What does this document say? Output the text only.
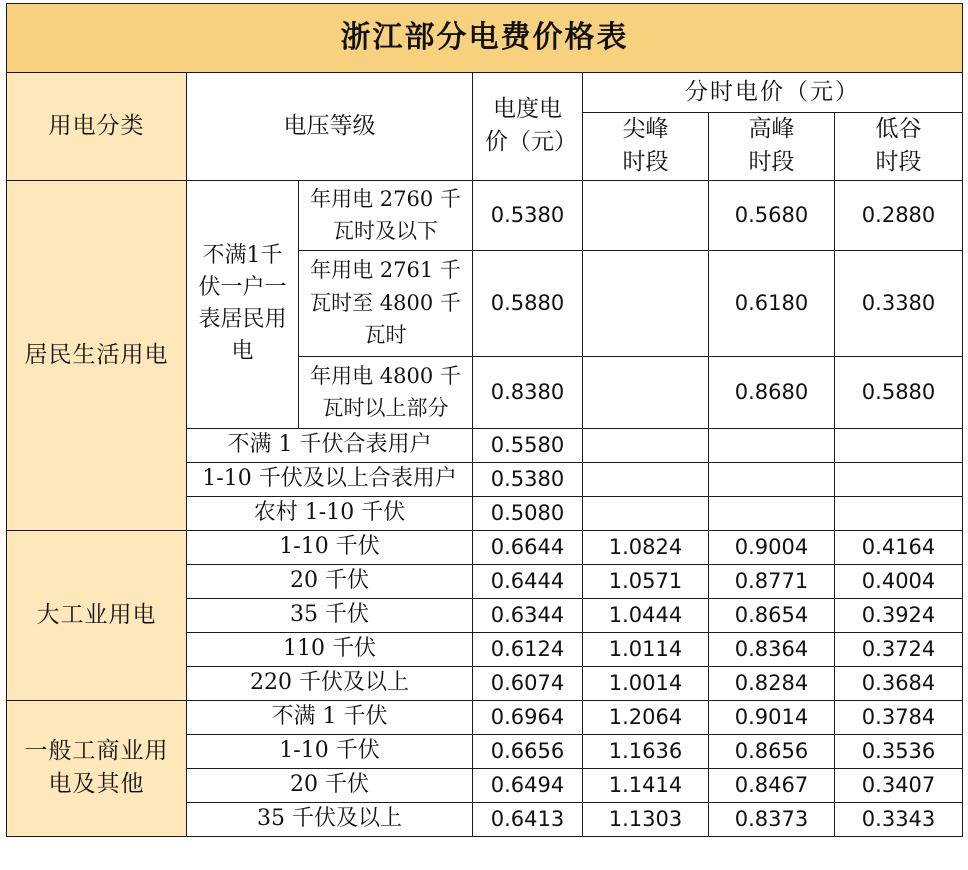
浙江部分电费价格表						
用电分类	电压等级		电度电价（元）	分时电价（元）		
				尖峰时段	高峰时段	低谷时段
居民生活用电	不满1千伏一户一表居民用电	年用电 2760 千瓦时及以下	0.5380		0.5680	0.2880
		年用电 2761 千瓦时至 4800 千瓦时	0.5880		0.6180	0.3380
		年用电 4800 千瓦时以上部分	0.8380		0.8680	0.5880
	不满 1 千伏合表用户		0.5580			
	1-10 千伏及以上合表用户		0.5380			
	农村 1-10 千伏		0.5080			
大工业用电	1-10 千伏		0.6644	1.0824	0.9004	0.4164
	20 千伏		0.6444	1.0571	0.8771	0.4004
	35 千伏		0.6344	1.0444	0.8654	0.3924
	110 千伏		0.6124	1.0114	0.8364	0.3724
	220 千伏及以上		0.6074	1.0014	0.8284	0.3684
一般工商业用电及其他	不满 1 千伏		0.6964	1.2064	0.9014	0.3784
	1-10 千伏		0.6656	1.1636	0.8656	0.3536
	20 千伏		0.6494	1.1414	0.8467	0.3407
	35 千伏及以上		0.6413	1.1303	0.8373	0.3343
